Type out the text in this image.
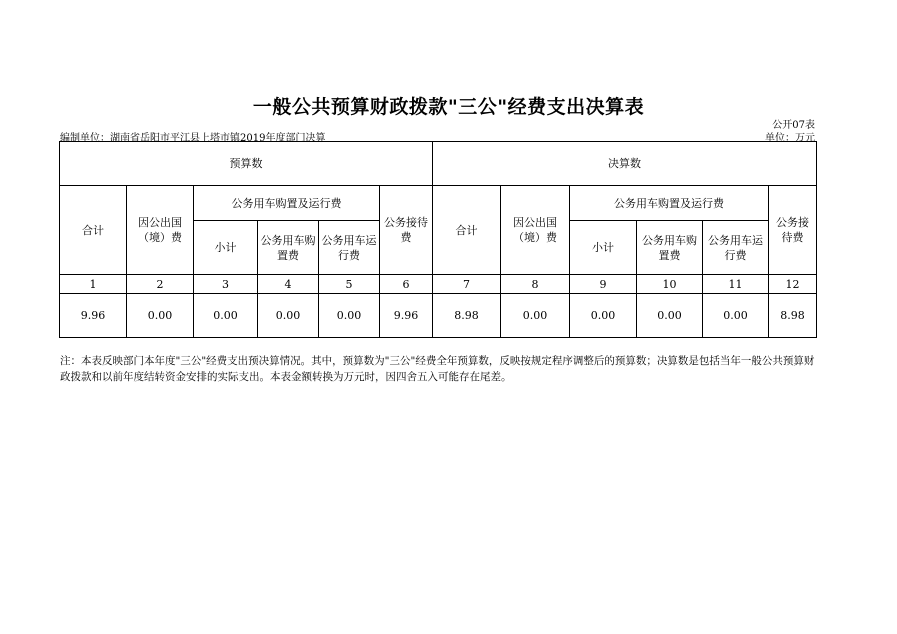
一般公共预算财政拨款"三公"经费支出决算表
公开07表
编制单位：湖南省岳阳市平江县上塔市镇2019年度部门决算	单位：万元
预算数						决算数					
合计	因公出国（境）费	公务用车购置及运行费			公务接待费	合计	因公出国（境）费	公务用车购置及运行费			公务接待费
		小计	公务用车购置费	公务用车运行费				小计	公务用车购置费	公务用车运行费	
1	2	3	4	5	6	7	8	9	10	11	12
9.96	0.00	0.00	0.00	0.00	9.96	8.98	0.00	0.00	0.00	0.00	8.98
注：本表反映部门本年度"三公"经费支出预决算情况。其中，预算数为"三公"经费全年预算数，反映按规定程序调整后的预算数；决算数是包括当年一般公共预算财政拨款和以前年度结转资金安排的实际支出。本表金额转换为万元时，因四舍五入可能存在尾差。
